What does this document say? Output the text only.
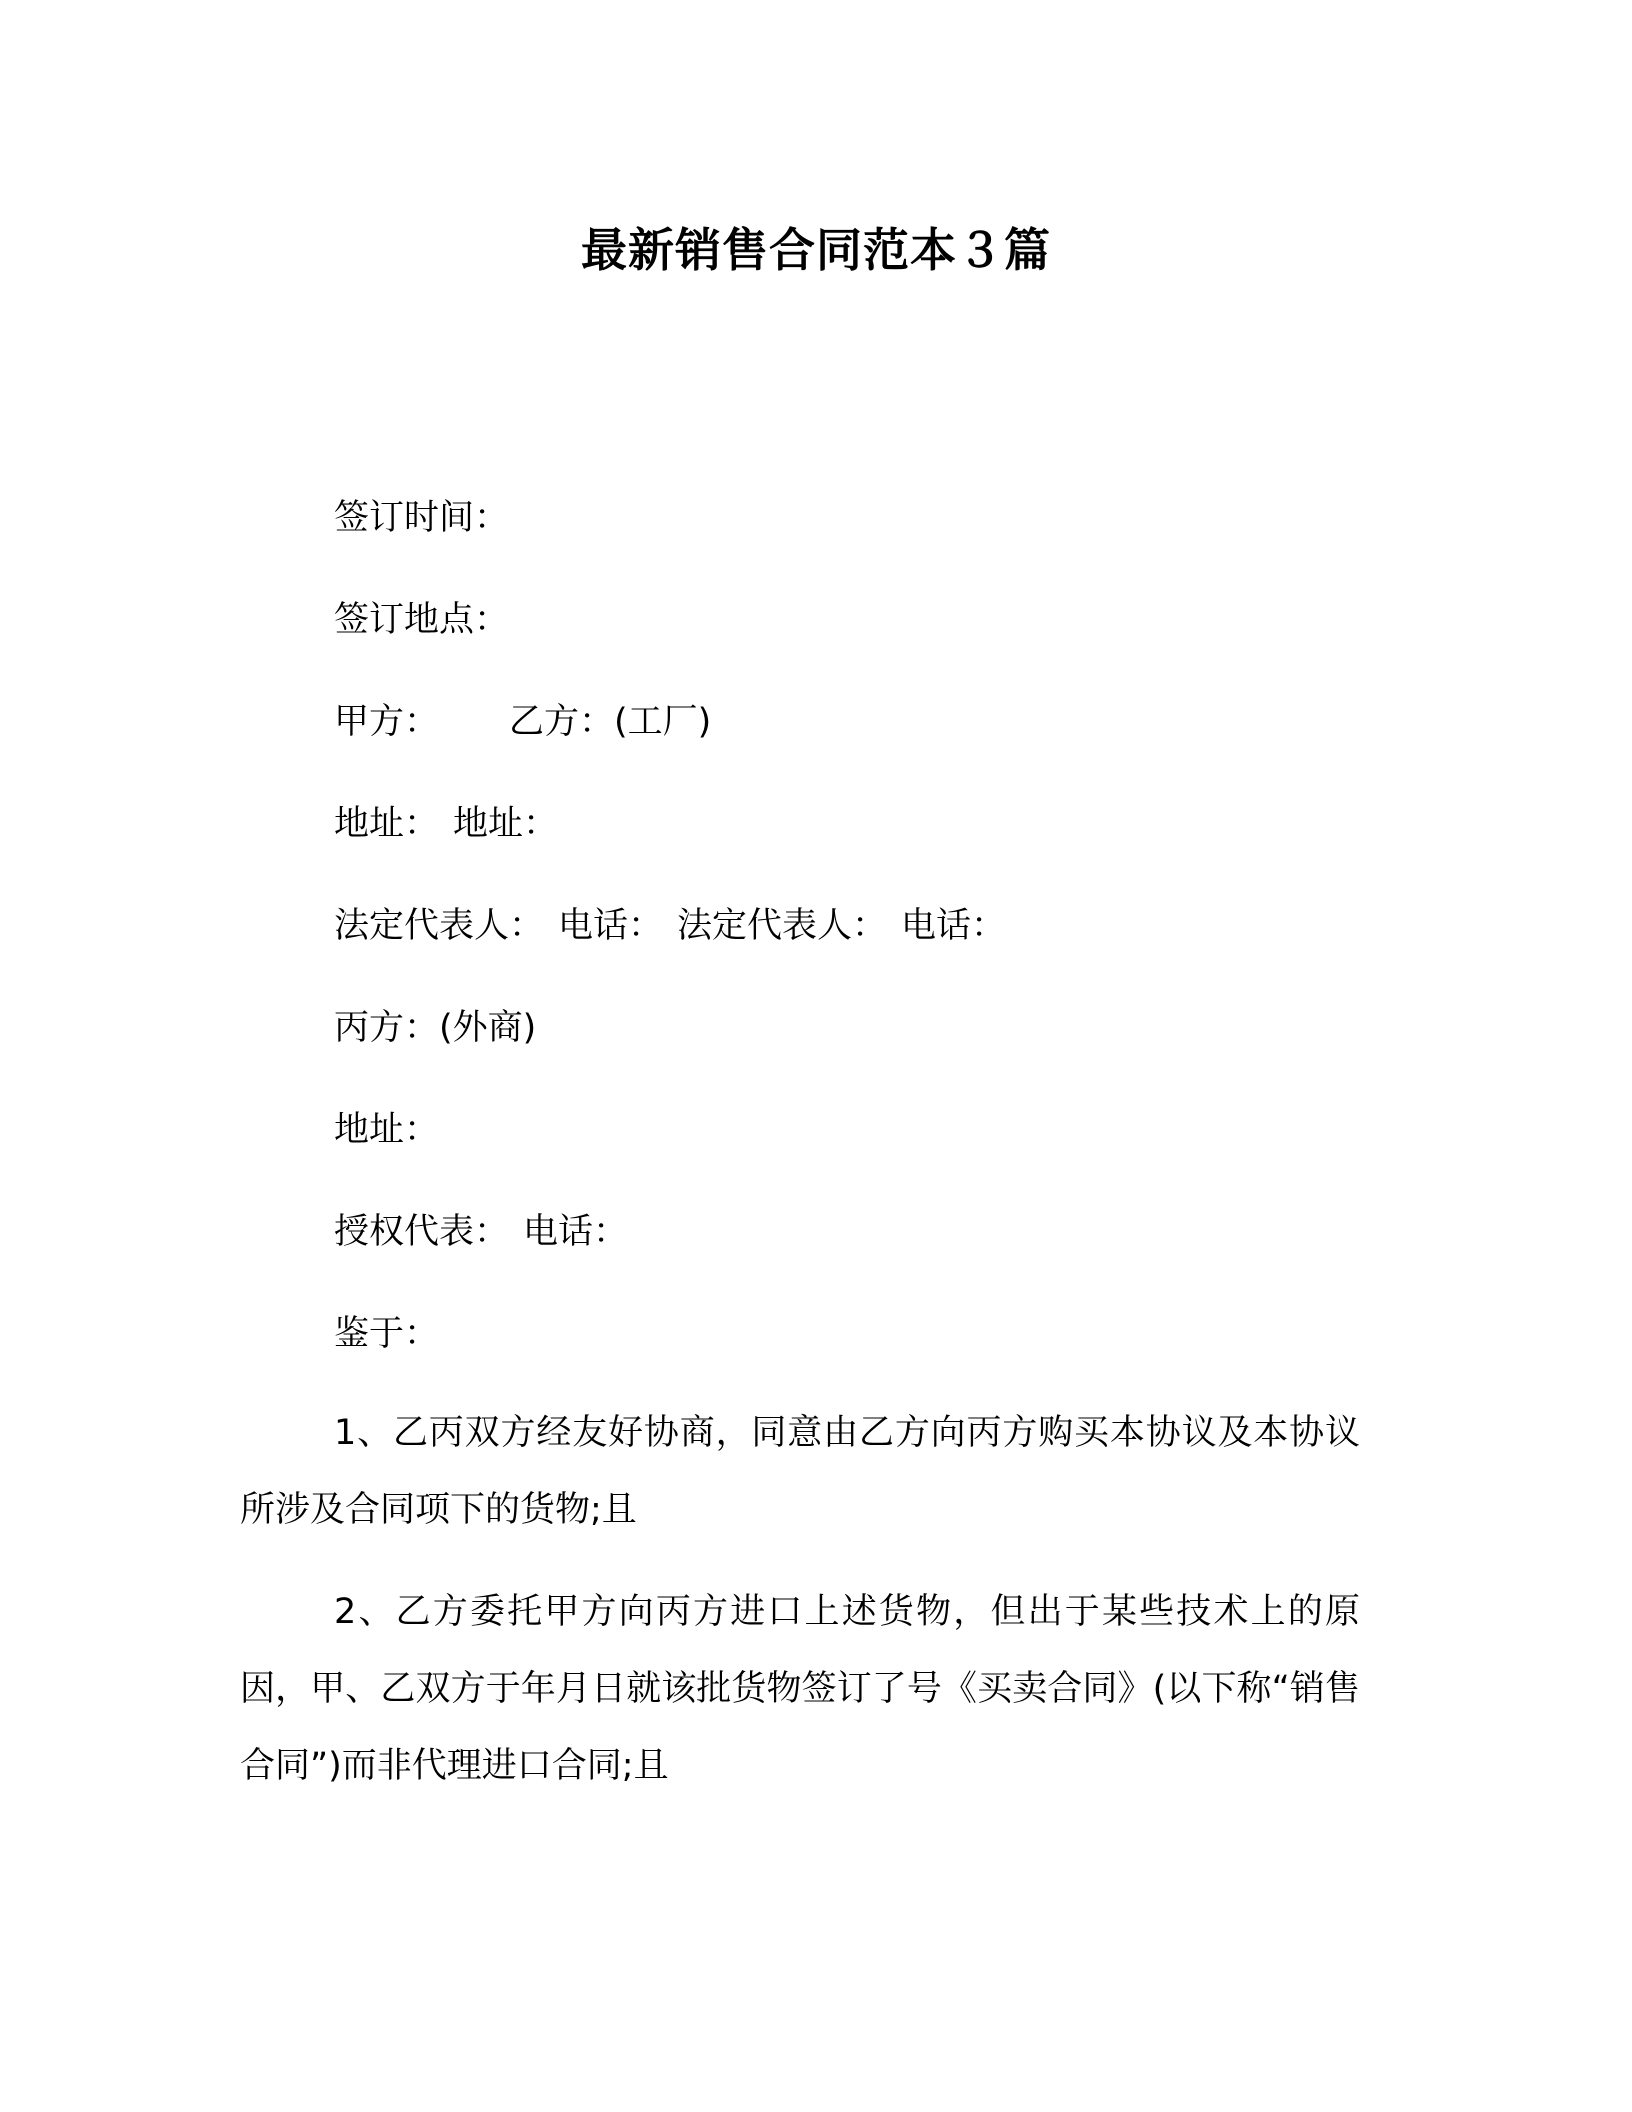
最新销售合同范本３篇
签订时间：
签订地点：
甲方： 乙方：(工厂)
地址： 地址：
法定代表人： 电话： 法定代表人： 电话：
丙方：(外商)
地址：
授权代表： 电话：
鉴于：
1、乙丙双方经友好协商，同意由乙方向丙方购买本协议及本协议所涉及合同项下的货物;且
2、乙方委托甲方向丙方进口上述货物，但出于某些技术上的原因，甲、乙双方于年月日就该批货物签订了号《买卖合同》(以下称“销售合同”)而非代理进口合同;且
